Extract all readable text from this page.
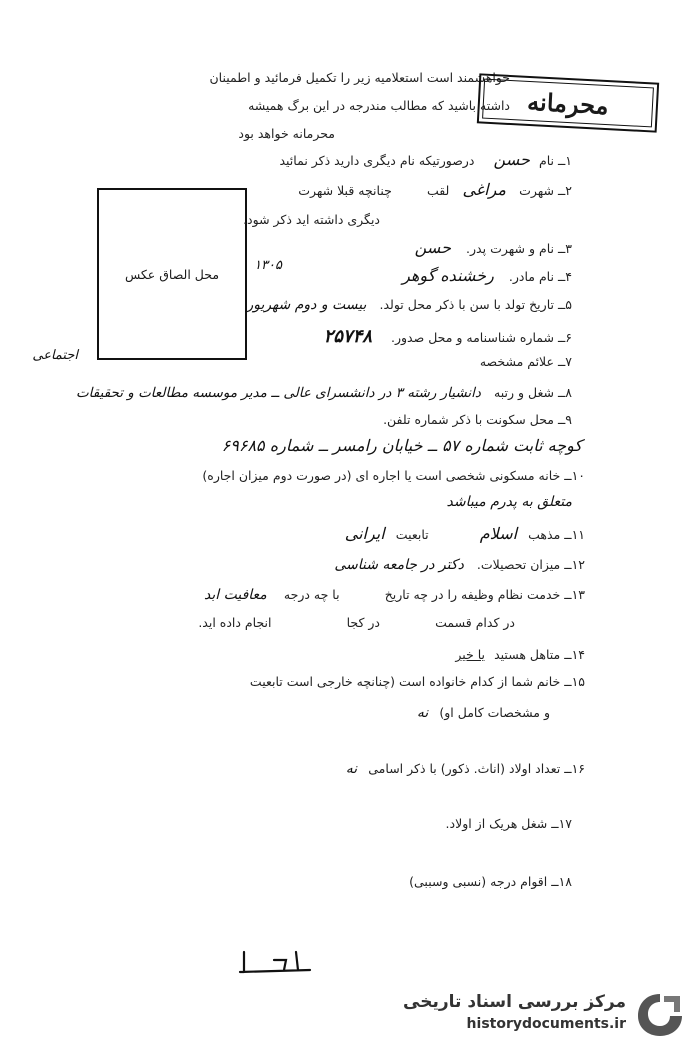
خواهشمند است استعلامیه زیر را تکمیل فرمائید و اطمینان
داشته باشید که مطالب مندرجه در این برگ همیشه
محرمانه خواهد بود
محرمانه
محل الصاق عکس
۱ــ نام حسن درصورتیکه نام دیگری دارید ذکر نمائید
۲ــ شهرت مراغی لقب چنانچه قبلا شهرت
دیگری داشته اید ذکر شود.
۳ــ نام و شهرت پدر. حسن
۴ــ نام مادر. رخشنده گوهر
۱۳۰۵
۵ــ تاریخ تولد با سن با ذکر محل تولد. بیست و دوم شهریور
۶ــ شماره شناسنامه و محل صدور. ۲۵۷۴۸
۷ــ علائم مشخصه
اجتماعی
۸ــ شغل و رتبه دانشیار رشته ۳ در دانشسرای عالی ــ مدیر موسسه مطالعات و تحقیقات
۹ــ محل سکونت با ذکر شماره تلفن.
کوچه ثابت شماره ۵۷ ــ خیابان رامسر ــ شماره ۶۹۶۸۵
۱۰ــ خانه مسکونی شخصی است یا اجاره ای (در صورت دوم میزان اجاره)
متعلق به پدرم میباشد
۱۱ــ مذهب اسلام تابعیت ایرانی
۱۲ــ میزان تحصیلات. دکتر در جامعه شناسی
۱۳ــ خدمت نظام وظیفه را در چه تاریخ با چه درجه معافیت ابد
در کدام قسمت در کجا انجام داده اید.
۱۴ــ متاهل هستید یا خیر
۱۵ــ خانم شما از کدام خانواده است (چنانچه خارجی است تابعیت
و مشخصات کامل او) نه
۱۶ــ تعداد اولاد (اناث. ذکور) با ذکر اسامی نه
۱۷ــ شغل هریک از اولاد.
۱۸ــ اقوام درجه (نسبی وسببی)
مرکز بررسی اسناد تاریخی
historydocuments.ir
